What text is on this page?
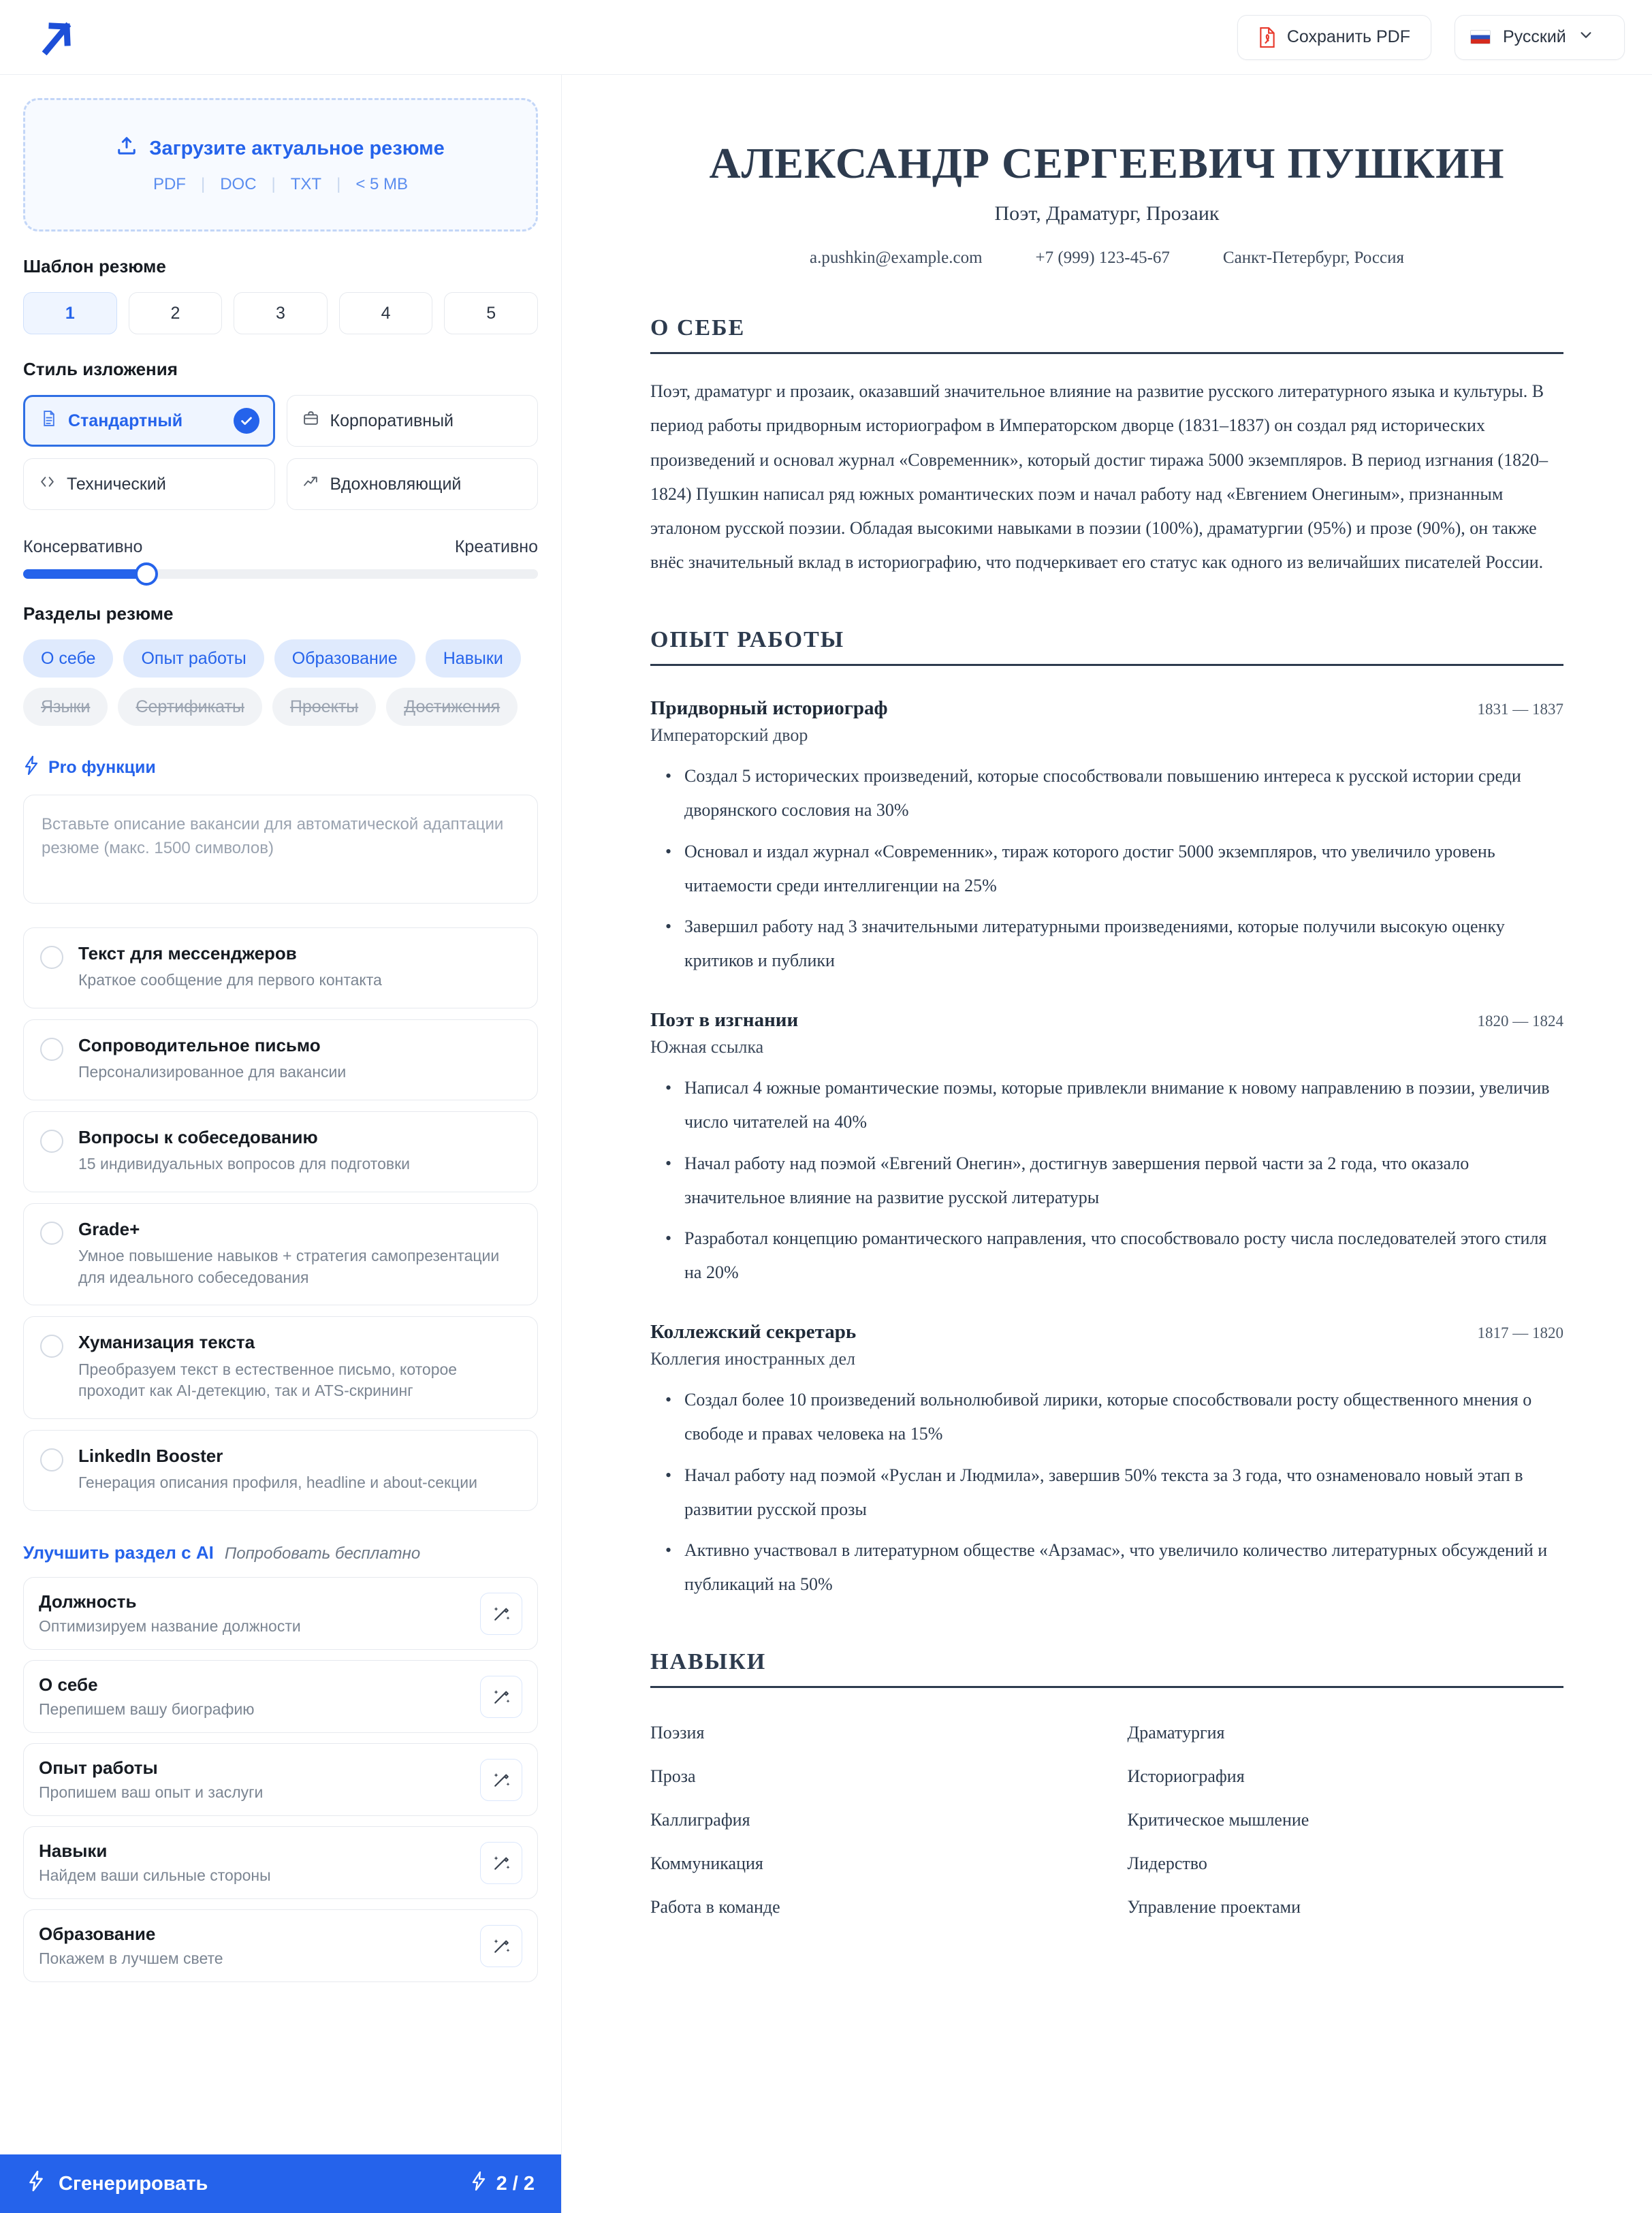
Сохранить PDF	Русский
Загрузите актуальное резюме
PDF | DOC | TXT | < 5 MB
Шаблон резюме
1	2	3	4	5
Стиль изложения
Стандартный	Корпоративный
Технический	Вдохновляющий
Консервативно	Креативно
Разделы резюме
О себе	Опыт работы	Образование	Навыки
Языки	Сертификаты	Проекты	Достижения
Pro функции
Вставьте описание вакансии для автоматической адаптации резюме (макс. 1500 символов)
Текст для мессенджеров
Краткое сообщение для первого контакта
Сопроводительное письмо
Персонализированное для вакансии
Вопросы к собеседованию
15 индивидуальных вопросов для подготовки
Grade+
Умное повышение навыков + стратегия самопрезентации для идеального собеседования
Хуманизация текста
Преобразуем текст в естественное письмо, которое проходит как AI-детекцию, так и ATS-скрининг
LinkedIn Booster
Генерация описания профиля, headline и about-секции
Улучшить раздел с AI Попробовать бесплатно
Должность
Оптимизируем название должности
О себе
Перепишем вашу биографию
Опыт работы
Пропишем ваш опыт и заслуги
Навыки
Найдем ваши сильные стороны
Образование
Покажем в лучшем свете
Сгенерировать	2 / 2
АЛЕКСАНДР СЕРГЕЕВИЧ ПУШКИН
Поэт, Драматург, Прозаик
a.pushkin@example.com	+7 (999) 123-45-67	Санкт-Петербург, Россия
О СЕБЕ
Поэт, драматург и прозаик, оказавший значительное влияние на развитие русского литературного языка и культуры. В период работы придворным историографом в Императорском дворце (1831–1837) он создал ряд исторических произведений и основал журнал «Современник», который достиг тиража 5000 экземпляров. В период изгнания (1820–1824) Пушкин написал ряд южных романтических поэм и начал работу над «Евгением Онегиным», признанным эталоном русской поэзии. Обладая высокими навыками в поэзии (100%), драматургии (95%) и прозе (90%), он также внёс значительный вклад в историографию, что подчеркивает его статус как одного из величайших писателей России.
ОПЫТ РАБОТЫ
Придворный историограф	1831 — 1837
Императорский двор
• Создал 5 исторических произведений, которые способствовали повышению интереса к русской истории среди дворянского сословия на 30%
• Основал и издал журнал «Современник», тираж которого достиг 5000 экземпляров, что увеличило уровень читаемости среди интеллигенции на 25%
• Завершил работу над 3 значительными литературными произведениями, которые получили высокую оценку критиков и публики
Поэт в изгнании	1820 — 1824
Южная ссылка
• Написал 4 южные романтические поэмы, которые привлекли внимание к новому направлению в поэзии, увеличив число читателей на 40%
• Начал работу над поэмой «Евгений Онегин», достигнув завершения первой части за 2 года, что оказало значительное влияние на развитие русской литературы
• Разработал концепцию романтического направления, что способствовало росту числа последователей этого стиля на 20%
Коллежский секретарь	1817 — 1820
Коллегия иностранных дел
• Создал более 10 произведений вольнолюбивой лирики, которые способствовали росту общественного мнения о свободе и правах человека на 15%
• Начал работу над поэмой «Руслан и Людмила», завершив 50% текста за 3 года, что ознаменовало новый этап в развитии русской прозы
• Активно участвовал в литературном обществе «Арзамас», что увеличило количество литературных обсуждений и публикаций на 50%
НАВЫКИ
Поэзия	Драматургия
Проза	Историография
Каллиграфия	Критическое мышление
Коммуникация	Лидерство
Работа в команде	Управление проектами
